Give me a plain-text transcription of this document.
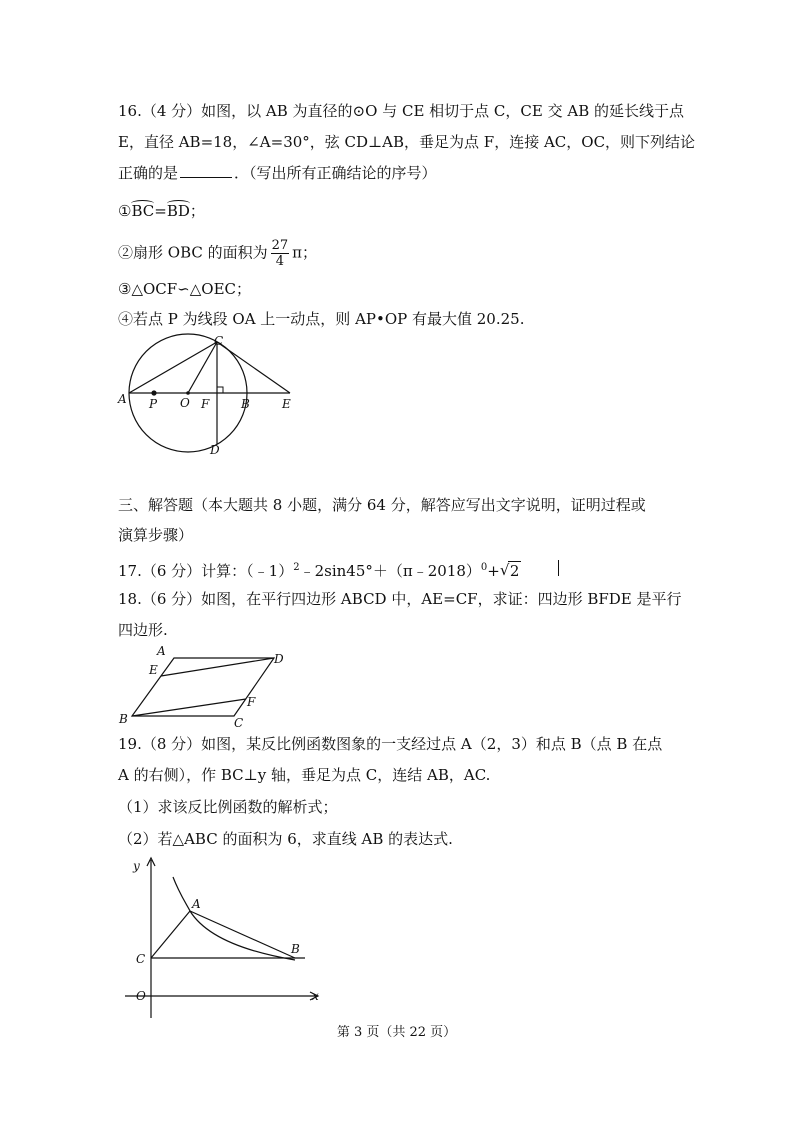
16.（4 分）如图，以 AB 为直径的⊙O 与 CE 相切于点 C，CE 交 AB 的延长线于点
E，直径 AB=18，∠A=30°，弦 CD⊥AB，垂足为点 F，连接 AC，OC，则下列结论
正确的是	．（写出所有正确结论的序号）
①BC=BD；
②扇形 OBC 的面积为 $\frac{27}{4}$ π；
③△OCF∽△OEC；
④若点 P 为线段 OA 上一动点，则 AP•OP 有最大值 20.25.
A P O F	B	E
C
D
三、解答题（本大题共 8 小题，满分 64 分，解答应写出文字说明，证明过程或
演算步骤）
17.（6 分）计算：（﹣1）$^2$﹣2sin45°＋（π﹣2018）$^0$+√ 2
18.（6 分）如图，在平行四边形 ABCD 中，AE=CF，求证：四边形 BFDE 是平行
四边形.
A
E
D
F
B	C
19.（8 分）如图，某反比例函数图象的一支经过点 A（2，3）和点 B（点 B 在点
A 的右侧），作 BC⊥y 轴，垂足为点 C，连结 AB，AC.
（1）求该反比例函数的解析式；
（2）若△ABC 的面积为 6，求直线 AB 的表达式.
y
A
C
B
O	x
第 3 页（共 22 页）
